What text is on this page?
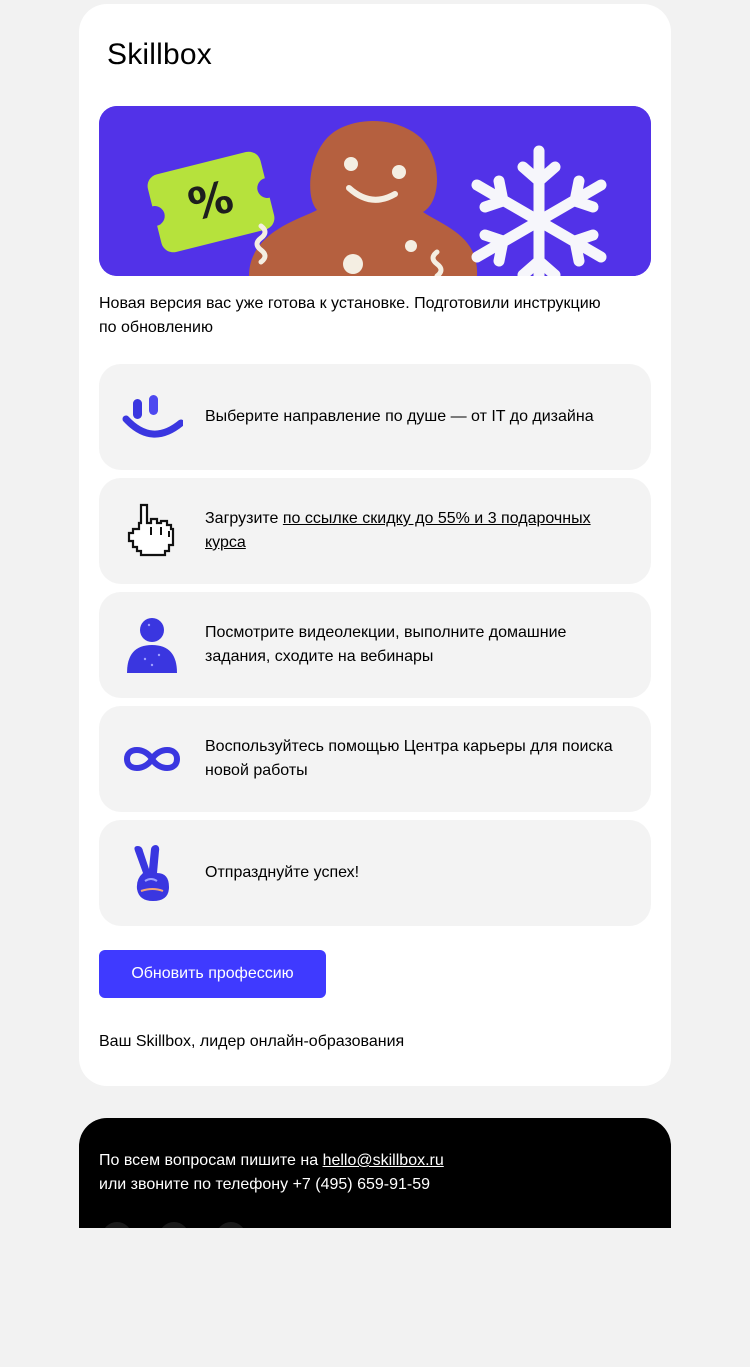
Skillbox
%
Новая версия вас уже готова к установке. Подготовили инструкцию по обновлению
Выберите направление по душе — от IT до дизайна
Загрузите по ссылке скидку до 55% и 3 подарочных курса
Посмотрите видеолекции, выполните домашние задания, сходите на вебинары
Воспользуйтесь помощью Центра карьеры для поиска новой работы
Отпразднуйте успех!
Обновить профессию
Ваш Skillbox, лидер онлайн-образования
По всем вопросам пишите на hello@skillbox.ru
или звоните по телефону +7 (495) 659-91-59
